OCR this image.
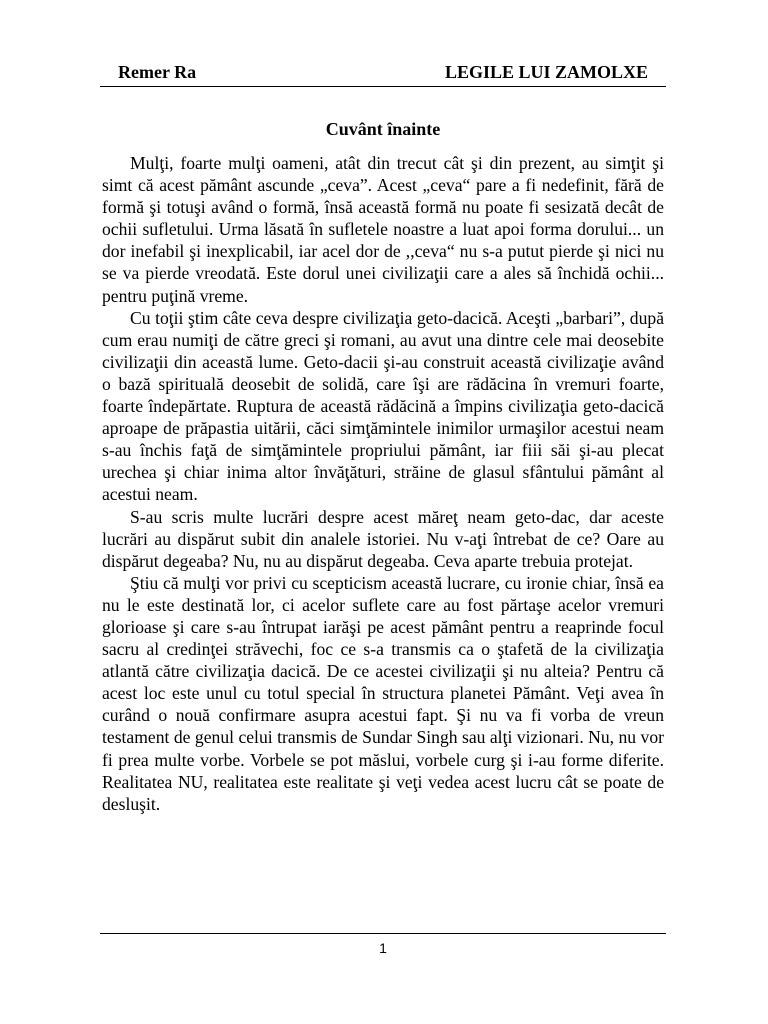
Remer Ra	LEGILE LUI ZAMOLXE
Cuvânt înainte

Mulţi, foarte mulţi oameni, atât din trecut cât şi din prezent, au simţit şi simt că acest pământ ascunde „ceva”. Acest „ceva“ pare a fi nedefinit, fără de formă şi totuşi având o formă, însă această formă nu poate fi sesizată decât de ochii sufletului. Urma lăsată în sufletele noastre a luat apoi forma dorului... un dor inefabil şi inexplicabil, iar acel dor de ,,ceva“ nu s-a putut pierde şi nici nu se va pierde vreodată. Este dorul unei civilizaţii care a ales să închidă ochii... pentru puţină vreme.

Cu toţii ştim câte ceva despre civilizaţia geto-dacică. Aceşti „barbari”, după cum erau numiţi de către greci şi romani, au avut una dintre cele mai deosebite civilizaţii din această lume. Geto-dacii şi-au construit această civilizaţie având o bază spirituală deosebit de solidă, care îşi are rădăcina în vremuri foarte, foarte îndepărtate. Ruptura de această rădăcină a împins civilizaţia geto-dacică aproape de prăpastia uitării, căci simţămintele inimilor urmaşilor acestui neam s-au închis faţă de simţămintele propriului pământ, iar fiii săi şi-au plecat urechea şi chiar inima altor învăţături, străine de glasul sfântului pământ al acestui neam.

S-au scris multe lucrări despre acest măreţ neam geto-dac, dar aceste lucrări au dispărut subit din analele istoriei. Nu v-aţi întrebat de ce? Oare au dispărut degeaba? Nu, nu au dispărut degeaba. Ceva aparte trebuia protejat.

Ştiu că mulţi vor privi cu scepticism această lucrare, cu ironie chiar, însă ea nu le este destinată lor, ci acelor suflete care au fost părtaşe acelor vremuri glorioase şi care s-au întrupat iarăşi pe acest pământ pentru a reaprinde focul sacru al credinţei străvechi, foc ce s-a transmis ca o ştafetă de la civilizaţia atlantă către civilizaţia dacică. De ce acestei civilizaţii şi nu alteia? Pentru că acest loc este unul cu totul special în structura planetei Pământ. Veţi avea în curând o nouă confirmare asupra acestui fapt. Şi nu va fi vorba de vreun testament de genul celui transmis de Sundar Singh sau alţi vizionari. Nu, nu vor fi prea multe vorbe. Vorbele se pot măslui, vorbele curg şi i-au forme diferite. Realitatea NU, realitatea este realitate şi veţi vedea acest lucru cât se poate de desluşit.

1
